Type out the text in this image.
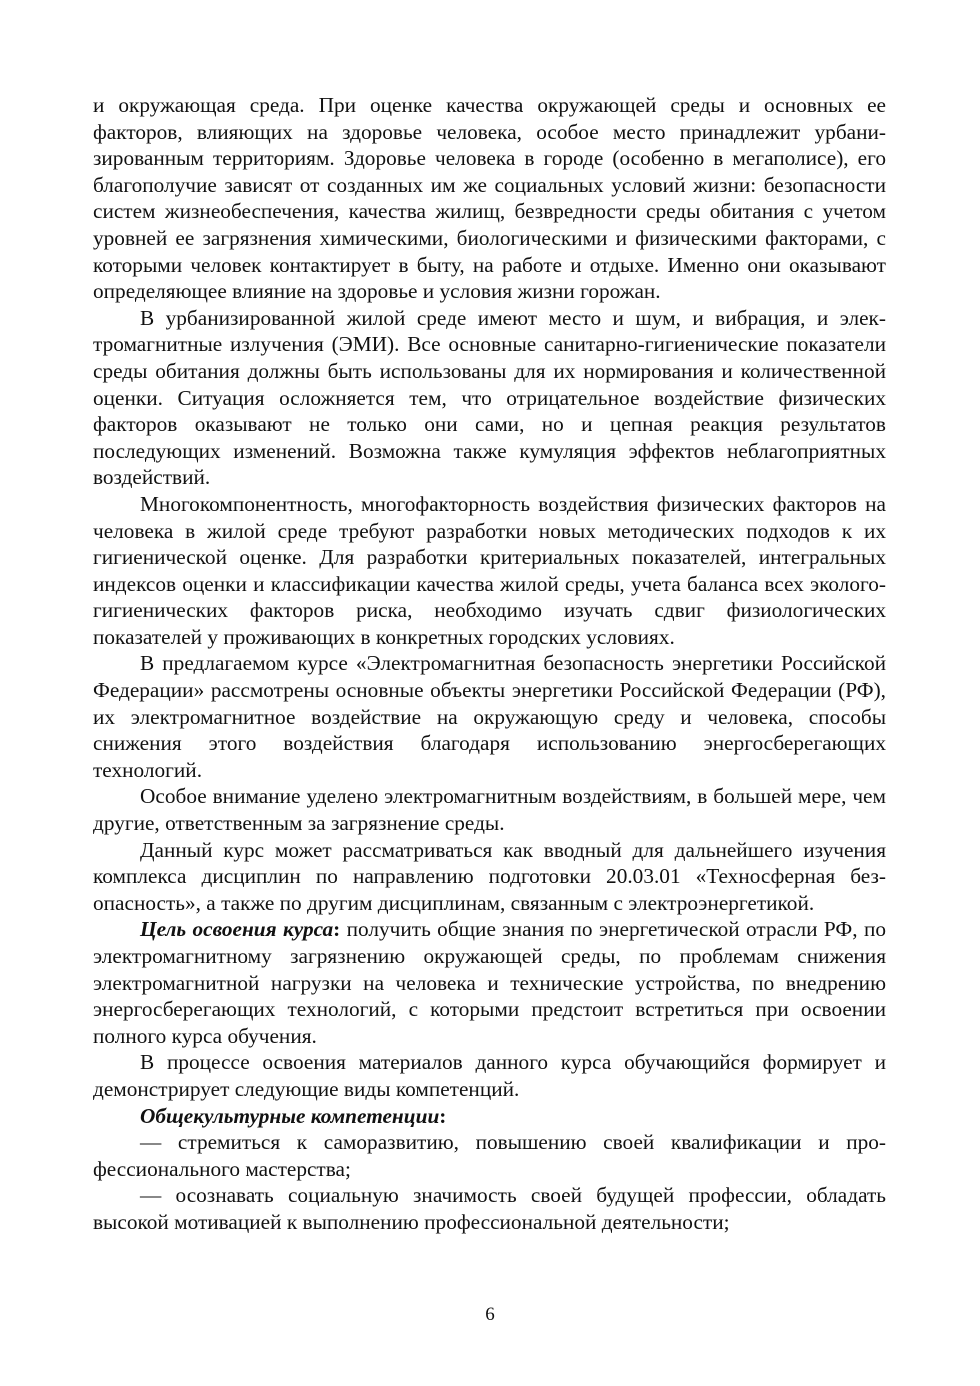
и окружающая среда. При оценке качества окружающей среды и основных ее факторов, влияющих на здоровье человека, особое место принадлежит урбанизированным территориям. Здоровье человека в городе (особенно в мегаполисе), его благополучие зависят от созданных им же социальных условий жизни: безопасности систем жизнеобеспечения, качества жилищ, безвредности среды обитания с учетом уровней ее загрязнения химическими, биологическими и физическими факторами, с которыми человек контактирует в быту, на работе и отдыхе. Именно они оказывают определяющее влияние на здоровье и условия жизни горожан.

В урбанизированной жилой среде имеют место и шум, и вибрация, и электромагнитные излучения (ЭМИ). Все основные санитарно-гигиенические показатели среды обитания должны быть использованы для их нормирования и количественной оценки. Ситуация осложняется тем, что отрицательное воздействие физических факторов оказывают не только они сами, но и цепная реакция результатов последующих изменений. Возможна также кумуляция эффектов неблагоприятных воздействий.

Многокомпонентность, многофакторность воздействия физических факторов на человека в жилой среде требуют разработки новых методических подходов к их гигиенической оценке. Для разработки критериальных показателей, интегральных индексов оценки и классификации качества жилой среды, учета баланса всех эколого-гигиенических факторов риска, необходимо изучать сдвиг физиологических показателей у проживающих в конкретных городских условиях.

В предлагаемом курсе «Электромагнитная безопасность энергетики Российской Федерации» рассмотрены основные объекты энергетики Российской Федерации (РФ), их электромагнитное воздействие на окружающую среду и человека, способы снижения этого воздействия благодаря использованию энергосберегающих технологий.

Особое внимание уделено электромагнитным воздействиям, в большей мере, чем другие, ответственным за загрязнение среды.

Данный курс может рассматриваться как вводный для дальнейшего изучения комплекса дисциплин по направлению подготовки 20.03.01 «Техносферная безопасность», а также по другим дисциплинам, связанным с электроэнергетикой.

Цель освоения курса: получить общие знания по энергетической отрасли РФ, по электромагнитному загрязнению окружающей среды, по проблемам снижения электромагнитной нагрузки на человека и технические устройства, по внедрению энергосберегающих технологий, с которыми предстоит встретиться при освоении полного курса обучения.

В процессе освоения материалов данного курса обучающийся формирует и демонстрирует следующие виды компетенций.

Общекультурные компетенции:

— стремиться к саморазвитию, повышению своей квалификации и профессионального мастерства;

— осознавать социальную значимость своей будущей профессии, обладать высокой мотивацией к выполнению профессиональной деятельности;

6
